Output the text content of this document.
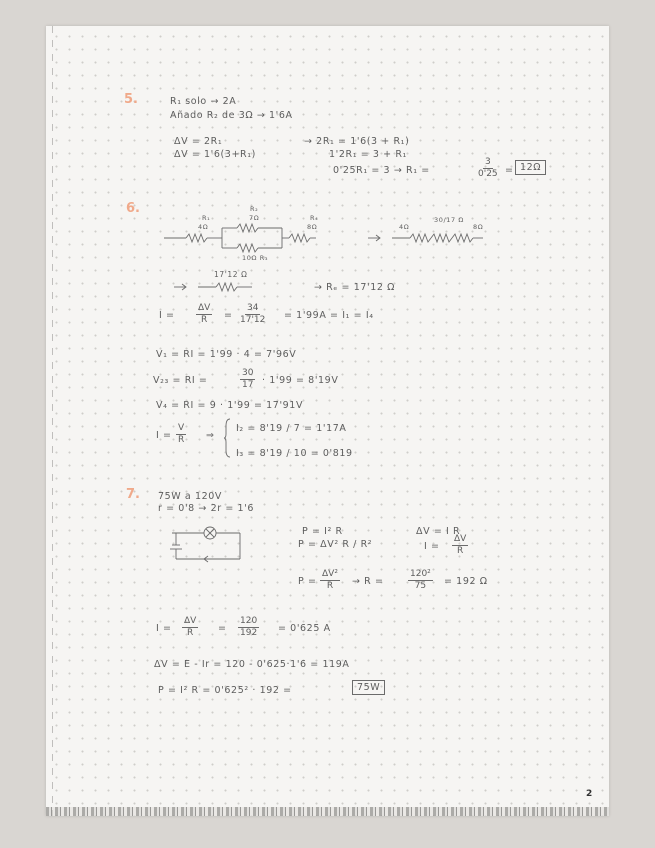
5.	R₁ solo → 2A
Añado R₂ de 3Ω → 1'6A
ΔV = 2R₁
ΔV = 1'6(3+R₁)
→ 2R₁ = 1'6(3 + R₁)
1'2R₁ = 3 + R₁
0'25R₁ = 3 → R₁ =	$\frac{3}{0'25} = 12\Omega$
6.
4Ω
R₁	7Ω
R₂
10Ω R₃
8Ω
R₄
4Ω
30/17 Ω
8Ω
17'12 Ω
→ Rₑ = 17'12 Ω
$I = \frac{\Delta V}{R} = \frac{34}{17'12} = 1'99A = I_1 = I_4$
V₁ = RI = 1'99 · 4 = 7'96V
V₂₃ = RI =	$\frac{30}{17} \cdot 1'99 = 8'19V$
V₄ = RI = 9 · 1'99 = 17'91V
$I = \frac{V}{R}$ ⇒
I₂ = 8'19 / 7 = 1'17A
I₃ = 8'19 / 10 = 0'819
7. 75W a 120V
r = 0'8 → 2r = 1'6
P = I² R
P = ΔV² R / R²
ΔV = I R
$I = \frac{\Delta V}{R}$
$P = \frac{\text{ΔV²}}{R} \to R$ =	$\frac{\text{120²}}{75} = 192$ Ω
$I = \frac{\Delta V}{R} = \frac{120}{192} = 0'625$ A
ΔV = E - Ir = 120 - 0'625·1'6 = 119A
P = I² R = 0'625² · 192 =	75W
2
